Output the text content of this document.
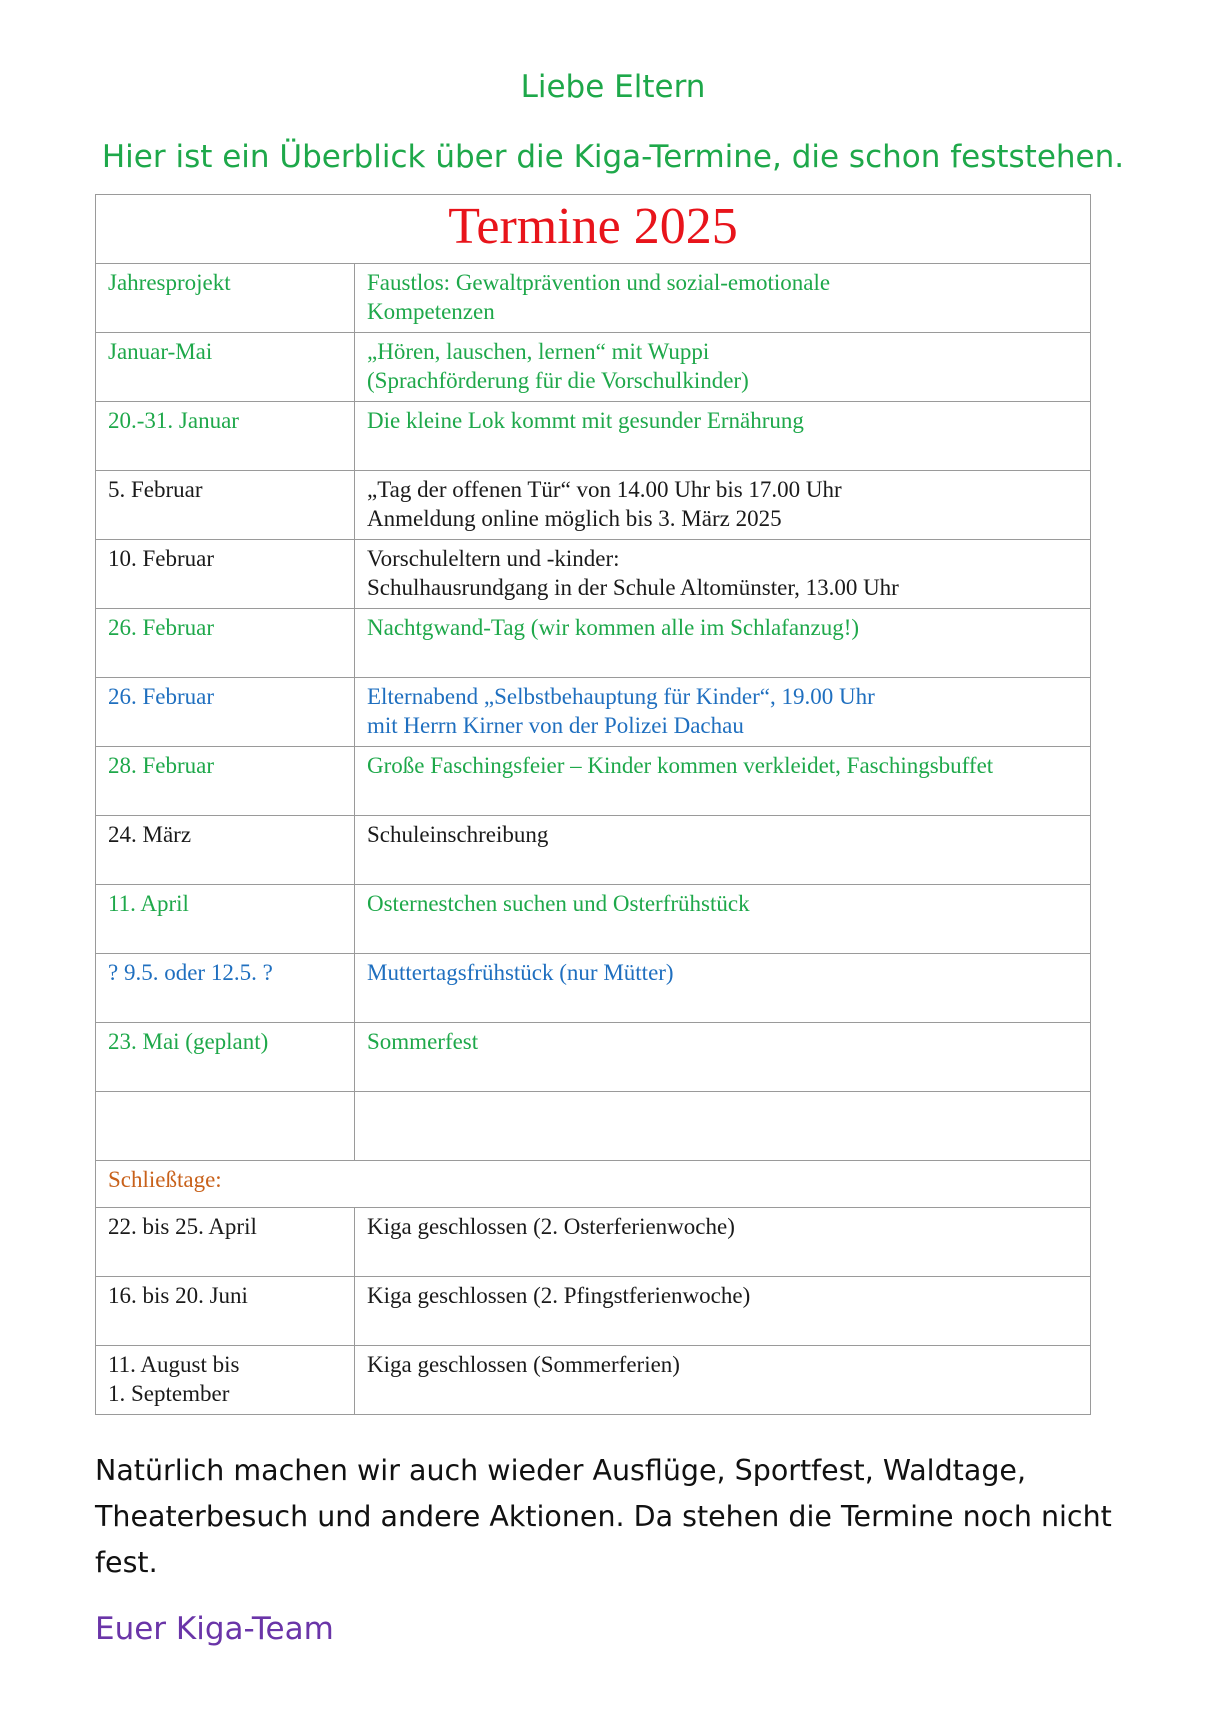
Liebe Eltern

Hier ist ein Überblick über die Kiga-Termine, die schon feststehen.

Termine 2025	
Jahresprojekt	Faustlos: Gewaltprävention und sozial-emotionale
Kompetenzen

Januar-Mai	„Hören, lauschen, lernen“ mit Wuppi
(Sprachförderung für die Vorschulkinder)

20.-31. Januar	Die kleine Lok kommt mit gesunder Ernährung

5. Februar	„Tag der offenen Tür“ von 14.00 Uhr bis 17.00 Uhr
Anmeldung online möglich bis 3. März 2025

10. Februar	Vorschuleltern und -kinder:
Schulhausrundgang in der Schule Altomünster, 13.00 Uhr

26. Februar	Nachtgwand-Tag (wir kommen alle im Schlafanzug!)

26. Februar	Elternabend „Selbstbehauptung für Kinder“, 19.00 Uhr
mit Herrn Kirner von der Polizei Dachau

28. Februar	Große Faschingsfeier – Kinder kommen verkleidet, Faschingsbuffet

24. März	Schuleinschreibung

11. April	Osternestchen suchen und Osterfrühstück

? 9.5. oder 12.5. ?	Muttertagsfrühstück (nur Mütter)

23. Mai (geplant)	Sommerfest

Schließtage:	

22. bis 25. April	Kiga geschlossen (2. Osterferienwoche)

16. bis 20. Juni	Kiga geschlossen (2. Pfingstferienwoche)

11. August bis
1. September	Kiga geschlossen (Sommerferien)
Natürlich machen wir auch wieder Ausflüge, Sportfest, Waldtage,
Theaterbesuch und andere Aktionen. Da stehen die Termine noch nicht
fest.

Euer Kiga-Team
